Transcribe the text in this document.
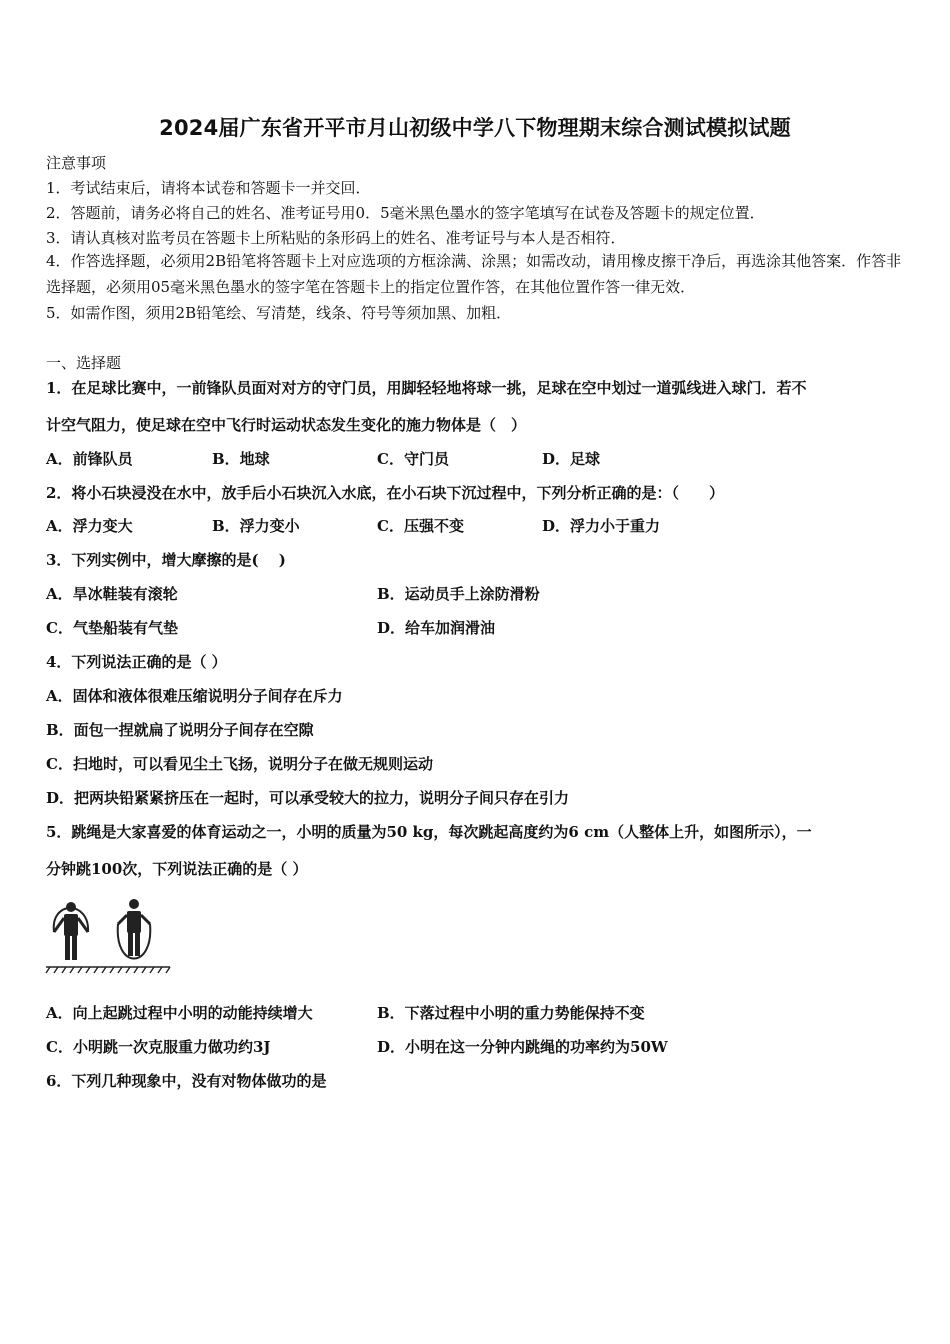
2024届广东省开平市月山初级中学八下物理期末综合测试模拟试题
注意事项
1．考试结束后，请将本试卷和答题卡一并交回．
2．答题前，请务必将自己的姓名、准考证号用0．5毫米黑色墨水的签字笔填写在试卷及答题卡的规定位置．
3．请认真核对监考员在答题卡上所粘贴的条形码上的姓名、准考证号与本人是否相符．
4．作答选择题，必须用2B铅笔将答题卡上对应选项的方框涂满、涂黑；如需改动，请用橡皮擦干净后，再选涂其他答案．作答非选择题，必须用05毫米黑色墨水的签字笔在答题卡上的指定位置作答，在其他位置作答一律无效．
5．如需作图，须用2B铅笔绘、写清楚，线条、符号等须加黑、加粗．
一、选择题
1．在足球比赛中，一前锋队员面对对方的守门员，用脚轻轻地将球一挑，足球在空中划过一道弧线进入球门．若不
计空气阻力，使足球在空中飞行时运动状态发生变化的施力物体是（　）
A．前锋队员	B．地球	C．守门员	D．足球
2．将小石块浸没在水中，放手后小石块沉入水底，在小石块下沉过程中，下列分析正确的是：（　　）
A．浮力变大	B．浮力变小	C．压强不变	D．浮力小于重力
3．下列实例中，增大摩擦的是(　 )
A．旱冰鞋装有滚轮	B．运动员手上涂防滑粉
C．气垫船装有气垫	D．给车加润滑油
4．下列说法正确的是（ ）
A．固体和液体很难压缩说明分子间存在斥力
B．面包一捏就扁了说明分子间存在空隙
C．扫地时，可以看见尘土飞扬，说明分子在做无规则运动
D．把两块铅紧紧挤压在一起时，可以承受较大的拉力，说明分子间只存在引力
5．跳绳是大家喜爱的体育运动之一，小明的质量为50 kg，每次跳起高度约为6 cm（人整体上升，如图所示），一
分钟跳100次，下列说法正确的是（ ）
A．向上起跳过程中小明的动能持续增大	B．下落过程中小明的重力势能保持不变
C．小明跳一次克服重力做功约3J	D．小明在这一分钟内跳绳的功率约为50W
6．下列几种现象中，没有对物体做功的是
